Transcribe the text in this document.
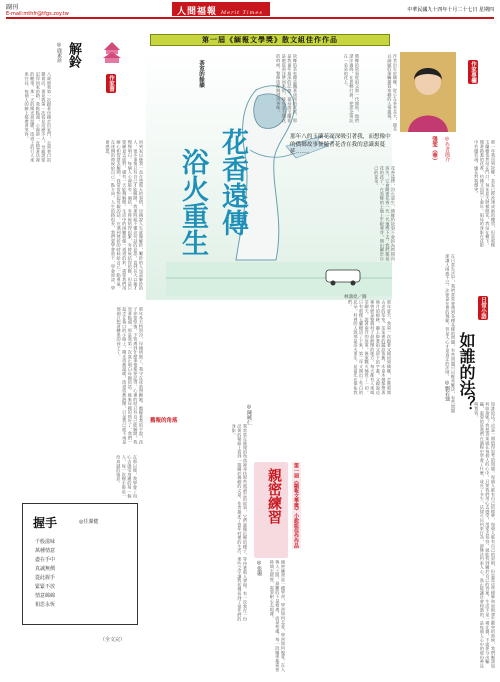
副刊
E-mail:mthfr@tfgs.zoy.tw	人間福報 Merit Times	中華民國九十四年十月二十七日 星期四
解鈴
◎鹿素珍
作家書
八歲時我第一次跟著母親走出家門，走到巷口的雜貨店，那是我第一次看見這麼多人。母親說要記得回家的路，我點點頭，心裡卻一直想著店裡的糖果。那一天的陽光很溫暖，街道上的行人來來往往，每個人的臉上都帶著笑容。
回到家以後我一直在想那天的事情，母親說人生就像解鈴，繫鈴的人也是解鈴的人，很多事情只有自己才能解開。我那時候不懂這句話的意思，直到長大以後才慢慢明白。每個人心裡都有一個結，有時候結得很緊，有時候結得很鬆，但是只要願意去面對，總有一天能夠解開。生活中的困難就像一道道的鈴，需要我們用耐心和智慧去解開。我常常想起母親的話，在遇到挫折的時候給自己一點勇氣，在迷惘的時候給自己一點方向。人生的路很長，我們要學會放下，學會原諒，學會感恩。
那年冬天特別冷，母親病倒了，我守在床前照顧她。她握著我的手說，孩子你要堅強，不管遇到什麼事情都要記得，心裡的結只有自己能解開。我哭著點頭，那是我第一次真正明白母親的話。後來母親的病好了，我們一起走在巷口的小路上，陽光依舊溫暖，街道依舊熱鬧，只是我已經不再是那個只想著糖果的孩子了。
握手	◎任潔健
千般滋味
萬種情意
盡在手中
真誠無價
從此握手
緊緊不放
情意綿綿
相思永恆
在那以後，我學會了用心去感受身邊的每一個人，每一次握手都是一份真誠的情意。
第一屆《緬報文學獎》散文組佳作作品
花香遠傳
浴火重生
茶室的餘韻
那年八的玉蘭花深深吸引著我，而想像中的僑鄉故事便隨著花香在我的意識裏蔓延……。
林鴻堯／圖
故鄉的茶室總是飄著淡淡的花香，那是我童年最深的記憶。祖母說玉蘭花是她從南洋帶回來的，每年夏天開花的時候，整條街都聞得到香味。	僑鄉的故事從祖父那一代開始，他們漂洋過海，在異鄉打拼，把思念寄託在一朵朵的花上。
◎作者簡介
張雯（華）
作家專欄
作者出生於僑鄉，從小在茶室長大，擅長以細膩的筆觸描寫家鄉的人情風貌。
那一年我回到故鄉，茶室已經改建成新的樓房，但是那棵玉蘭樹依然站在門口，每年夏天照樣開花。我站在樹下，聞著熟悉的花香，彷彿又回到了童年。祖母的身影在花影中若隱若現，她在對我微笑。
花香遠傳，浴火重生，僑鄉的故事不會因為時間而消失，它會隨著花香一代一代地傳下去。我們都是花的孩子，在異鄉的土地上生根發芽，開出屬於自己的花朵。
那年夏天，我第一次跟著父親回到僑鄉，走進那間古老的茶室。茶室裡的擺設依舊，木桌木椅都帶著歲月的痕跡，牆上掛著祖父留下的字畫。父親說這裡曾經是整個村子最熱鬧的地方，每天都有人來喝茶聊天，說著南洋的故事。後來戰火燒毀了一切，只有那棵玉蘭樹活了下來，第二年又開出了雪白的花朵。村裡的人說那是浴火重生，是祖先在保佑我們。
如誰的法？
日常小語
◎劉若強 在日常生活中，我們常常會遇到各種各樣的問題，有些問題可以輕易解決，有些問題卻讓人困惑不已。法律是社會的規範，但是人心才是真正的法則。
如誰的法？這是一個值得思考的問題。每個人都有自己的標準，每個人都有自己的原則，但是當這些標準和原則發生衝突的時候，我們應該如何取捨呢？我想答案就在每個人的心中。只要我們用心去感受，用愛去包容，就能找到屬於自己的答案。生活不是一場比賽，不需要分出輸贏，重要的是我們在過程中學會了什麼，成長了多少。法律可以約束行為，卻無法約束人心，真正能讓社會和諧的，是每個人心中的那份善良與寬容。
舊報的角落
我常常在舊報的角落裡尋找那些被遺忘的故事，它們就像沉睡的種子，等待著被人發現。有一次我在一份泛黃的報紙上看到一篇關於僑鄉的文章，作者描述了當年村裡的生活，那些文字讓我彷彿看到了祖先們的身影。
親密練習 第一屆《緬報文學獎》小說組佳作作品
◎張珊
◎陳曉仁
親密練習是一種學習，學習如何去愛，學習如何被愛。在人與人之間，最難的不是相遇，而是相處。每一段關係都需要時間去經營，需要耐心去呵護。
（全文完）
